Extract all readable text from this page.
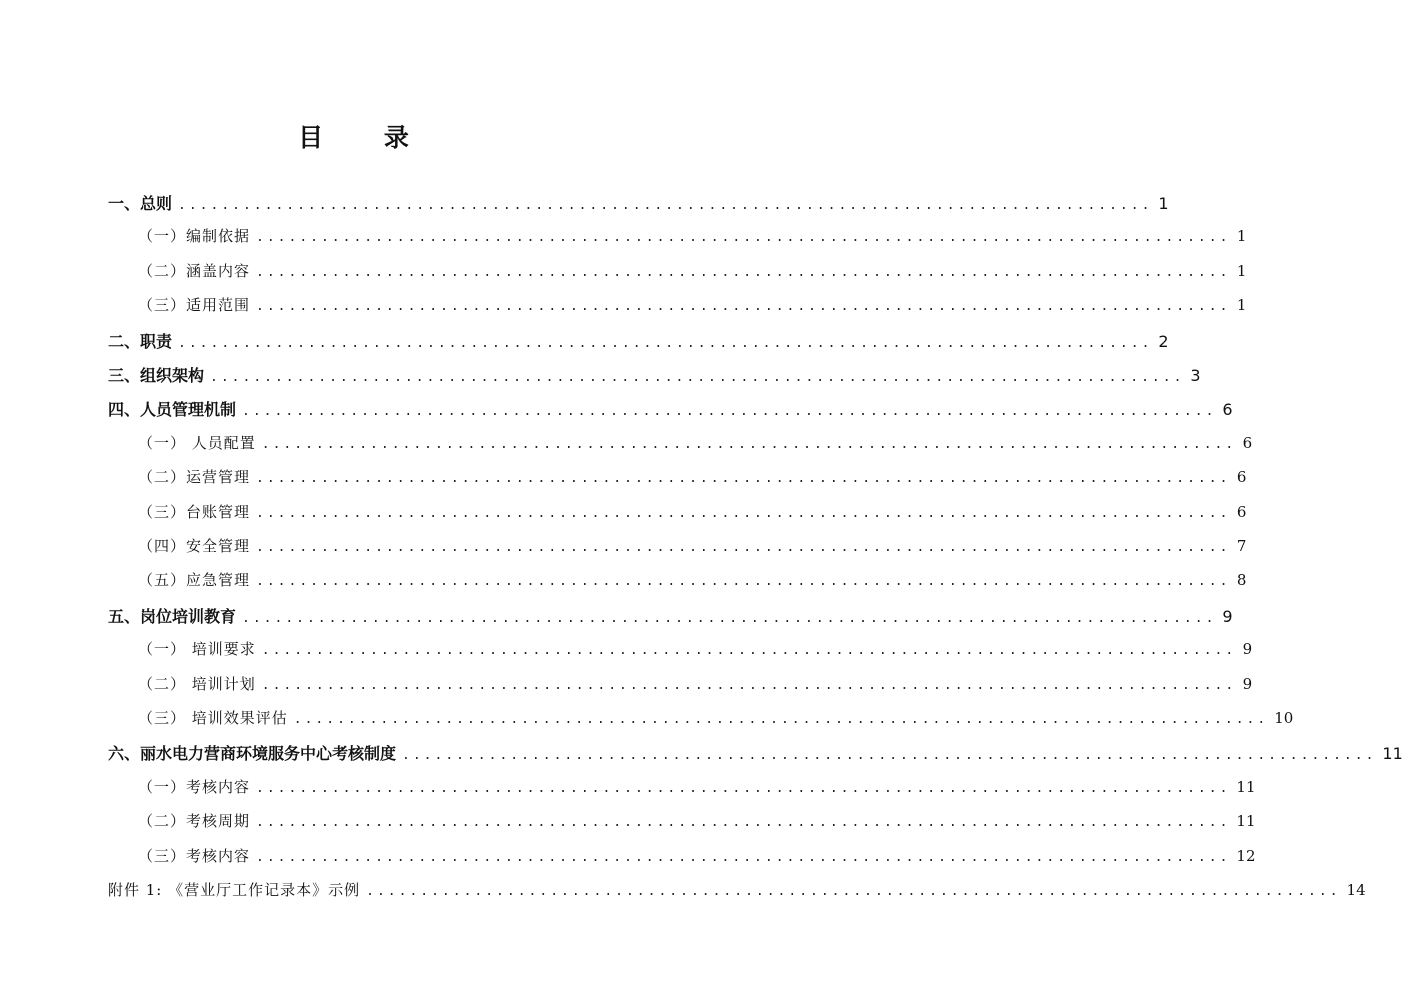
目 录
一、总则 .......................................................................................... 1
（一）编制依据 .......................................................................................... 1
（二）涵盖内容 .......................................................................................... 1
（三）适用范围 .......................................................................................... 1
二、职责 .......................................................................................... 2
三、组织架构 .......................................................................................... 3
四、人员管理机制 .......................................................................................... 6
（一） 人员配置 .......................................................................................... 6
（二）运营管理 .......................................................................................... 6
（三）台账管理 .......................................................................................... 6
（四）安全管理 .......................................................................................... 7
（五）应急管理 .......................................................................................... 8
五、岗位培训教育 .......................................................................................... 9
（一） 培训要求 .......................................................................................... 9
（二） 培训计划 .......................................................................................... 9
（三） 培训效果评估 .......................................................................................... 10
六、丽水电力营商环境服务中心考核制度 .......................................................................................... 11
（一）考核内容 .......................................................................................... 11
（二）考核周期 .......................................................................................... 11
（三）考核内容 .......................................................................................... 12
附件 1: 《营业厅工作记录本》示例 .......................................................................................... 14
